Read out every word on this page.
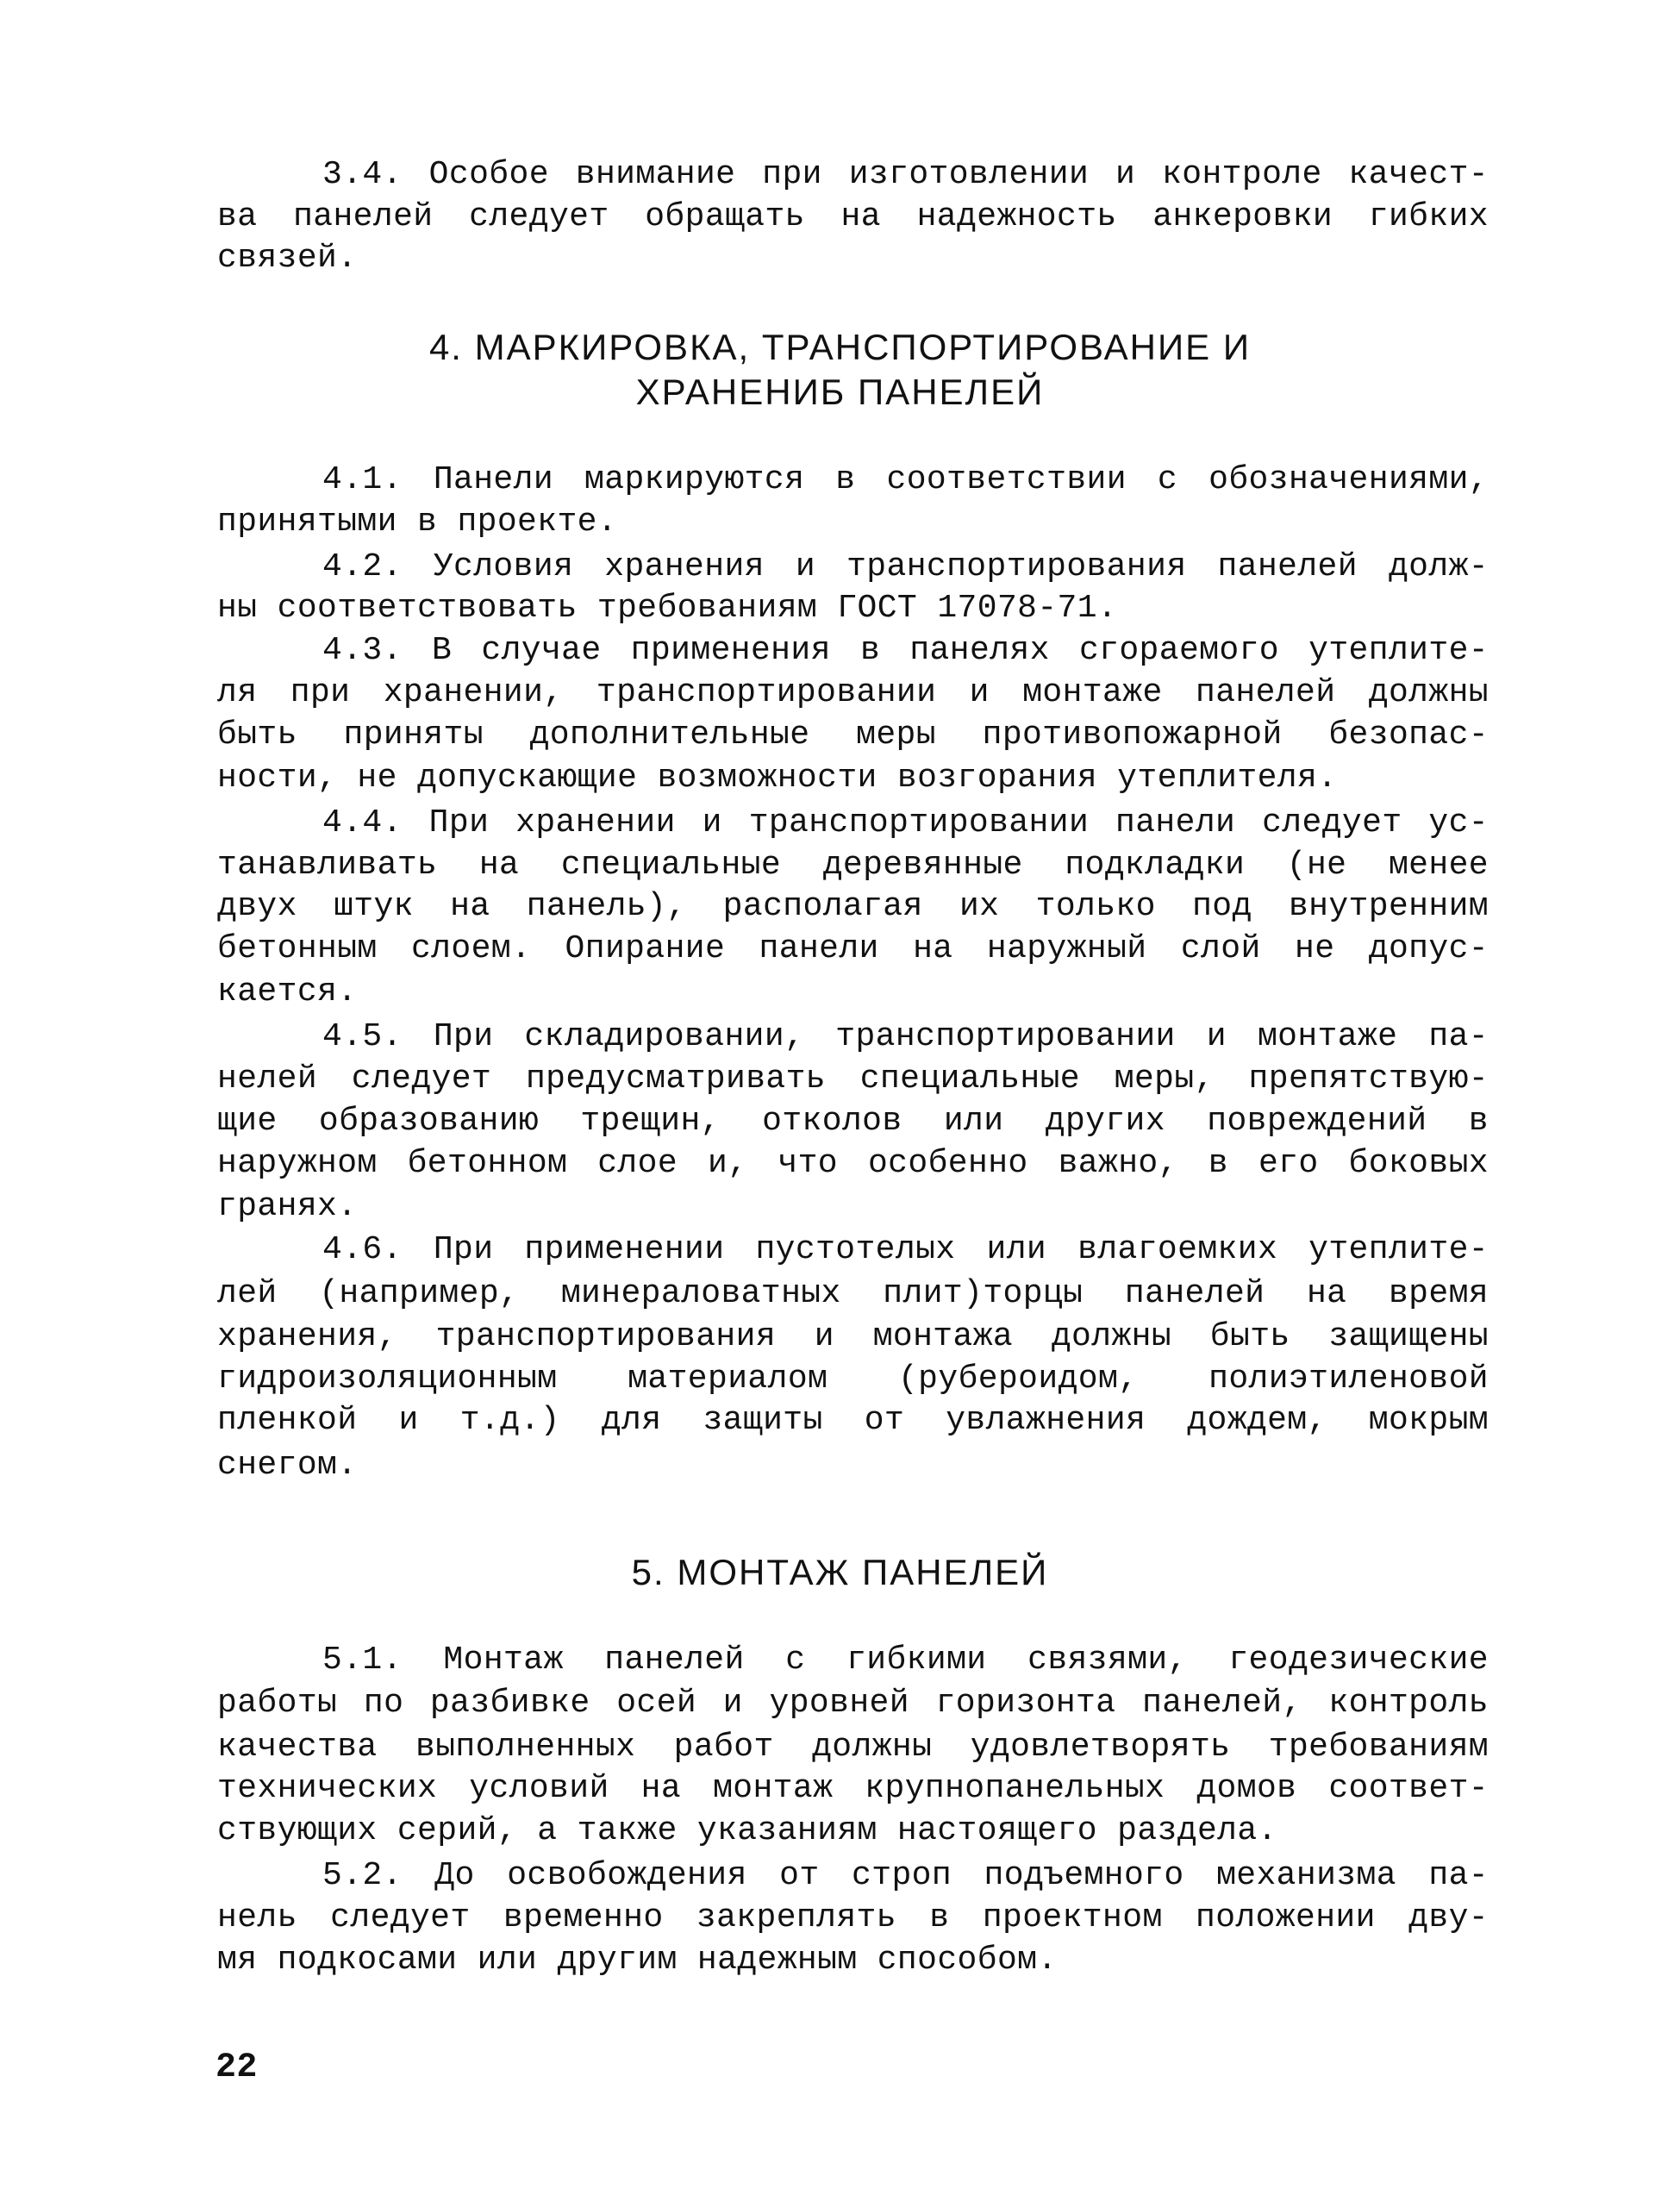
22
3.4. Особое внимание при изготовлении и контроле качест-
ва панелей следует обращать на надежность анкеровки гибких
связей.
4. МАРКИРОВКА, ТРАНСПОРТИРОВАНИЕ И
ХРАНЕНИБ ПАНЕЛЕЙ
4.1. Панели маркируются в соответствии с обозначениями,
принятыми в проекте.
4.2. Условия хранения и транспортирования панелей долж-
ны соответствовать требованиям ГОСТ 17078-71.
4.3. В случае применения в панелях сгораемого утеплите-
ля при хранении, транспортировании и монтаже панелей должны
быть приняты дополнительные меры противопожарной безопас-
ности, не допускающие возможности возгорания утеплителя.
4.4. При хранении и транспортировании панели следует ус-
танавливать на специальные деревянные подкладки (не менее
двух штук на панель), располагая их только под внутренним
бетонным слоем. Опирание панели на наружный слой не допус-
кается.
4.5. При складировании, транспортировании и монтаже па-
нелей следует предусматривать специальные меры, препятствую-
щие образованию трещин, отколов или других повреждений в
наружном бетонном слое и, что особенно важно, в его боковых
гранях.
4.6. При применении пустотелых или влагоемких утеплите-
лей (например, минераловатных плит)торцы панелей на время
хранения, транспортирования и монтажа должны быть защищены
гидроизоляционным материалом (рубероидом, полиэтиленовой
пленкой и т.д.) для защиты от увлажнения дождем, мокрым
снегом.
5. МОНТАЖ ПАНЕЛЕЙ
5.1. Монтаж панелей с гибкими связями, геодезические
работы по разбивке осей и уровней горизонта панелей, контроль
качества выполненных работ должны удовлетворять требованиям
технических условий на монтаж крупнопанельных домов соответ-
ствующих серий, а также указаниям настоящего раздела.
5.2. До освобождения от строп подъемного механизма па-
нель следует временно закреплять в проектном положении дву-
мя подкосами или другим надежным способом.
